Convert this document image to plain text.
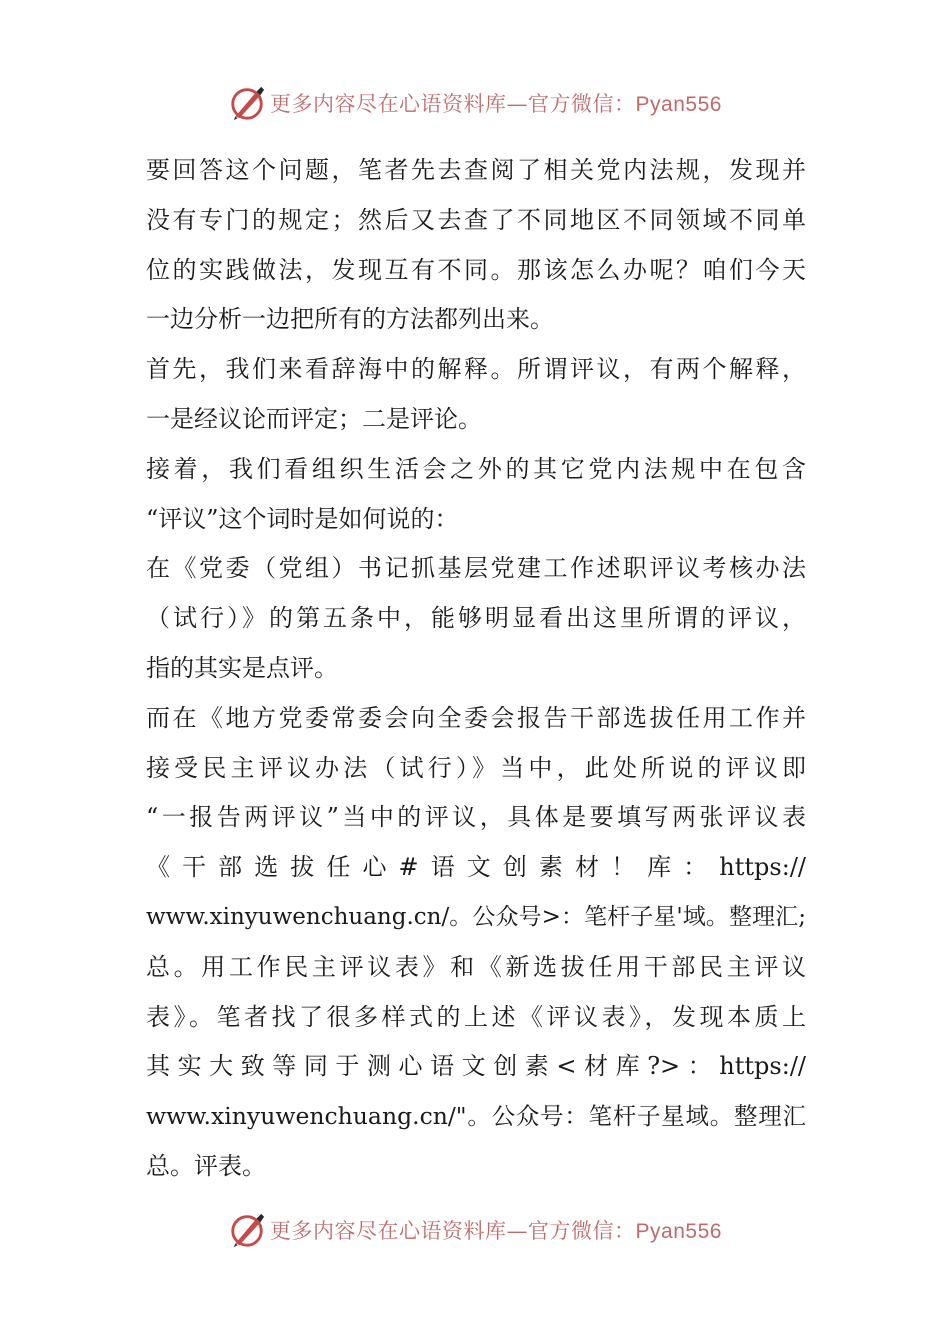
更多内容尽在心语资料库—官方微信：Pyan556
要回答这个问题，笔者先去查阅了相关党内法规，发现并
没有专门的规定；然后又去查了不同地区不同领域不同单
位的实践做法，发现互有不同。那该怎么办呢？咱们今天
一边分析一边把所有的方法都列出来。
首先，我们来看辞海中的解释。所谓评议，有两个解释，
一是经议论而评定；二是评论。
接着，我们看组织生活会之外的其它党内法规中在包含
“评议”这个词时是如何说的：
在《党委（党组）书记抓基层党建工作述职评议考核办法
（试行）》的第五条中，能够明显看出这里所谓的评议，
指的其实是点评。
而在《地方党委常委会向全委会报告干部选拔任用工作并
接受民主评议办法（试行）》当中，此处所说的评议即
“一报告两评议”当中的评议，具体是要填写两张评议表
《干部选拔任心#语文创素材！库：https://
www.xinyuwenchuang.cn/。公众号>：笔杆子星'域。整理汇;
总。用工作民主评议表》和《新选拔任用干部民主评议
表》。笔者找了很多样式的上述《评议表》，发现本质上
其实大致等同于测心语文创素<材库?>：https://
www.xinyuwenchuang.cn/"。公众号：笔杆子星域。整理汇
总。评表。
更多内容尽在心语资料库—官方微信：Pyan556
